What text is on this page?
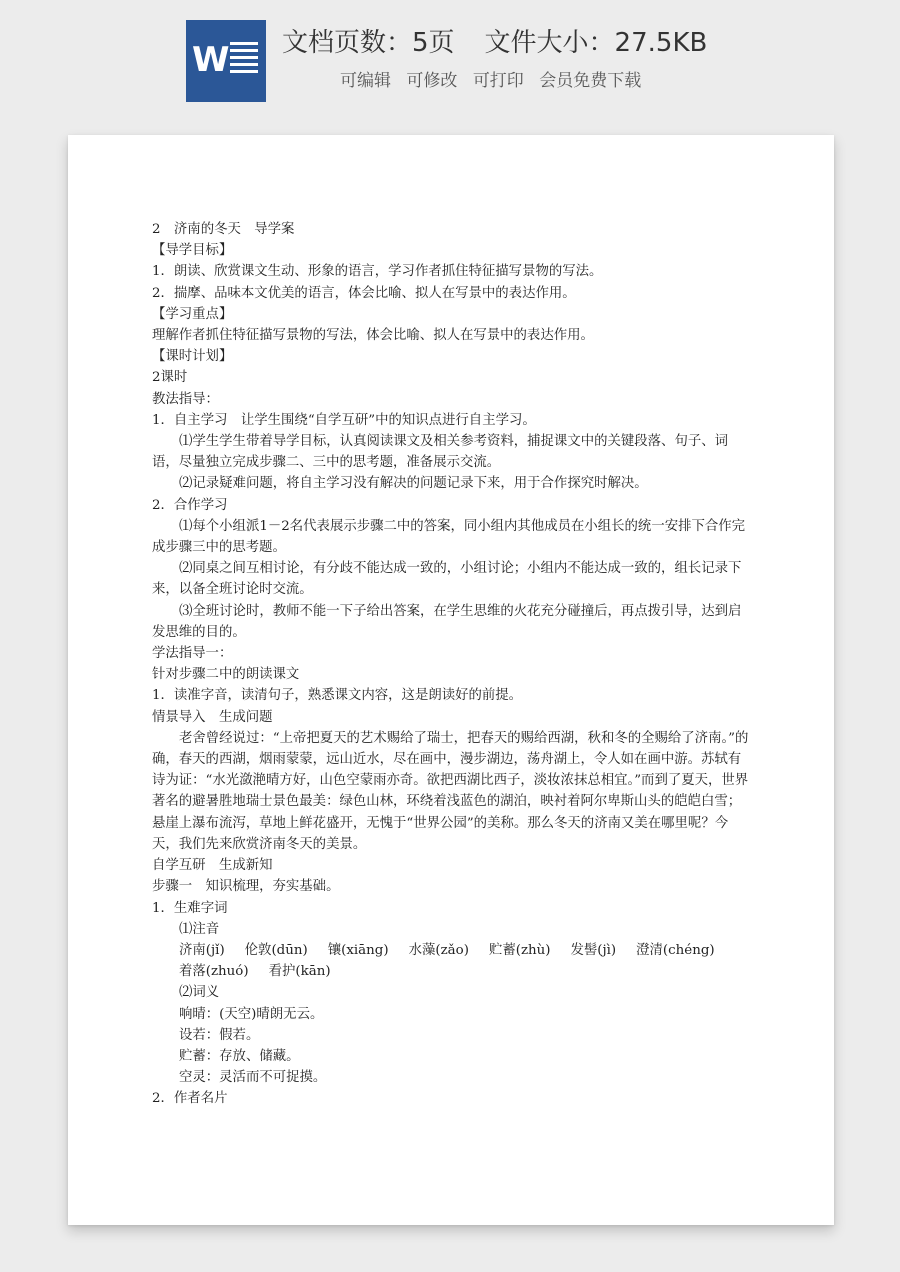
W 文档页数：5页 文件大小：27.5KB
可编辑 可修改 可打印 会员免费下载

2　济南的冬天　导学案

【导学目标】

1．朗读、欣赏课文生动、形象的语言，学习作者抓住特征描写景物的写法。

2．揣摩、品味本文优美的语言，体会比喻、拟人在写景中的表达作用。

【学习重点】

理解作者抓住特征描写景物的写法，体会比喻、拟人在写景中的表达作用。

【课时计划】

2课时

教法指导：

1．自主学习　让学生围绕“自学互研”中的知识点进行自主学习。

⑴学生学生带着导学目标，认真阅读课文及相关参考资料，捕捉课文中的关键段落、句子、词语，尽量独立完成步骤二、三中的思考题，准备展示交流。

⑵记录疑难问题，将自主学习没有解决的问题记录下来，用于合作探究时解决。

2．合作学习

⑴每个小组派1－2名代表展示步骤二中的答案，同小组内其他成员在小组长的统一安排下合作完成步骤三中的思考题。

⑵同桌之间互相讨论，有分歧不能达成一致的，小组讨论；小组内不能达成一致的，组长记录下来，以备全班讨论时交流。

⑶全班讨论时，教师不能一下子给出答案，在学生思维的火花充分碰撞后，再点拨引导，达到启发思维的目的。

学法指导一：

针对步骤二中的朗读课文

1．读准字音，读清句子，熟悉课文内容，这是朗读好的前提。

情景导入　生成问题

老舍曾经说过：“上帝把夏天的艺术赐给了瑞士，把春天的赐给西湖，秋和冬的全赐给了济南。”的确，春天的西湖，烟雨蒙蒙，远山近水，尽在画中，漫步湖边，荡舟湖上，令人如在画中游。苏轼有诗为证：“水光潋滟晴方好，山色空蒙雨亦奇。欲把西湖比西子，淡妆浓抹总相宜。”而到了夏天，世界著名的避暑胜地瑞士景色最美：绿色山林，环绕着浅蓝色的湖泊，映衬着阿尔卑斯山头的皑皑白雪；悬崖上瀑布流泻，草地上鲜花盛开，无愧于“世界公园”的美称。那么冬天的济南又美在哪里呢？今天，我们先来欣赏济南冬天的美景。

自学互研　生成新知

步骤一　知识梳理，夯实基础。

1．生难字词

⑴注音

济南(jǐ) 伦敦(dūn) 镶(xiāng) 水藻(zǎo) 贮蓄(zhù) 发髻(jì) 澄清(chéng)
着落(zhuó) 看护(kān)

⑵词义

响晴：(天空)晴朗无云。

设若：假若。

贮蓄：存放、储藏。

空灵：灵活而不可捉摸。

2．作者名片
